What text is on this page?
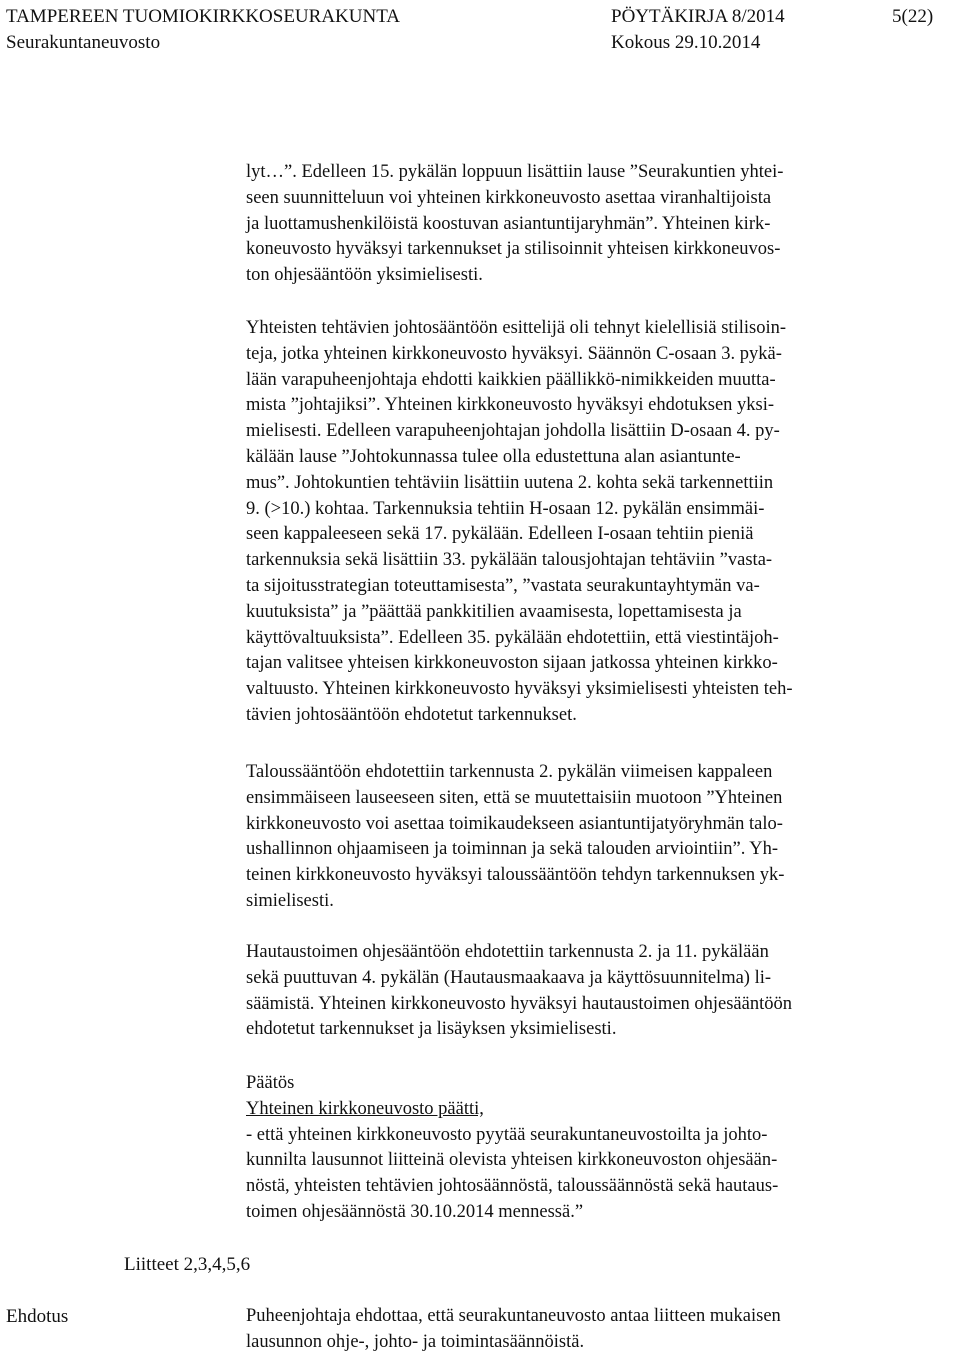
TAMPEREEN TUOMIOKIRKKOSEURAKUNTA	PÖYTÄKIRJA 8/2014	5(22)
Seurakuntaneuvosto	Kokous 29.10.2014
lyt…”. Edelleen 15. pykälän loppuun lisättiin lause ”Seurakuntien yhtei-
seen suunnitteluun voi yhteinen kirkkoneuvosto asettaa viranhaltijoista
ja luottamushenkilöistä koostuvan asiantuntijaryhmän”. Yhteinen kirk-
koneuvosto hyväksyi tarkennukset ja stilisoinnit yhteisen kirkkoneuvos-
ton ohjesääntöön yksimielisesti.
Yhteisten tehtävien johtosääntöön esittelijä oli tehnyt kielellisiä stilisoin-
teja, jotka yhteinen kirkkoneuvosto hyväksyi. Säännön C-osaan 3. pykä-
lään varapuheenjohtaja ehdotti kaikkien päällikkö-nimikkeiden muutta-
mista ”johtajiksi”. Yhteinen kirkkoneuvosto hyväksyi ehdotuksen yksi-
mielisesti. Edelleen varapuheenjohtajan johdolla lisättiin D-osaan 4. py-
kälään lause ”Johtokunnassa tulee olla edustettuna alan asiantunte-
mus”. Johtokuntien tehtäviin lisättiin uutena 2. kohta sekä tarkennettiin
9. (>10.) kohtaa. Tarkennuksia tehtiin H-osaan 12. pykälän ensimmäi-
seen kappaleeseen sekä 17. pykälään. Edelleen I-osaan tehtiin pieniä
tarkennuksia sekä lisättiin 33. pykälään talousjohtajan tehtäviin ”vasta-
ta sijoitusstrategian toteuttamisesta”, ”vastata seurakuntayhtymän va-
kuutuksista” ja ”päättää pankkitilien avaamisesta, lopettamisesta ja
käyttövaltuuksista”. Edelleen 35. pykälään ehdotettiin, että viestintäjoh-
tajan valitsee yhteisen kirkkoneuvoston sijaan jatkossa yhteinen kirkko-
valtuusto. Yhteinen kirkkoneuvosto hyväksyi yksimielisesti yhteisten teh-
tävien johtosääntöön ehdotetut tarkennukset.
Taloussääntöön ehdotettiin tarkennusta 2. pykälän viimeisen kappaleen
ensimmäiseen lauseeseen siten, että se muutettaisiin muotoon ”Yhteinen
kirkkoneuvosto voi asettaa toimikaudekseen asiantuntijatyöryhmän talo-
ushallinnon ohjaamiseen ja toiminnan ja sekä talouden arviointiin”. Yh-
teinen kirkkoneuvosto hyväksyi taloussääntöön tehdyn tarkennuksen yk-
simielisesti.
Hautaustoimen ohjesääntöön ehdotettiin tarkennusta 2. ja 11. pykälään
sekä puuttuvan 4. pykälän (Hautausmaakaava ja käyttösuunnitelma) li-
säämistä. Yhteinen kirkkoneuvosto hyväksyi hautaustoimen ohjesääntöön
ehdotetut tarkennukset ja lisäyksen yksimielisesti.
Päätös
Yhteinen kirkkoneuvosto päätti,
- että yhteinen kirkkoneuvosto pyytää seurakuntaneuvostoilta ja johto-
kunnilta lausunnot liitteinä olevista yhteisen kirkkoneuvoston ohjesään-
nöstä, yhteisten tehtävien johtosäännöstä, taloussäännöstä sekä hautaus-
toimen ohjesäännöstä 30.10.2014 mennessä.”
Liitteet 2,3,4,5,6
Ehdotus	Puheenjohtaja ehdottaa, että seurakuntaneuvosto antaa liitteen mukaisen
lausunnon ohje-, johto- ja toimintasäännöistä.
